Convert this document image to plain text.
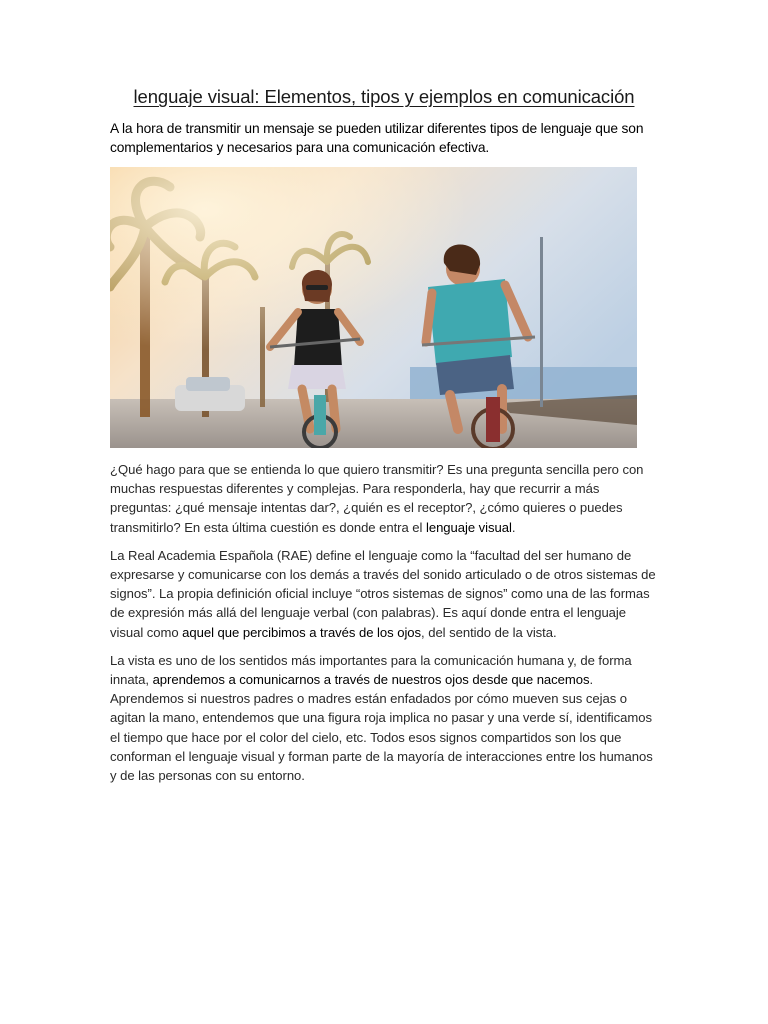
lenguaje visual: Elementos, tipos y ejemplos en comunicación

A la hora de transmitir un mensaje se pueden utilizar diferentes tipos de lenguaje que son complementarios y necesarios para una comunicación efectiva.

¿Qué hago para que se entienda lo que quiero transmitir? Es una pregunta sencilla pero con muchas respuestas diferentes y complejas. Para responderla, hay que recurrir a más preguntas: ¿qué mensaje intentas dar?, ¿quién es el receptor?, ¿cómo quieres o puedes transmitirlo? En esta última cuestión es donde entra el lenguaje visual.

La Real Academia Española (RAE) define el lenguaje como la “facultad del ser humano de expresarse y comunicarse con los demás a través del sonido articulado o de otros sistemas de signos”. La propia definición oficial incluye “otros sistemas de signos” como una de las formas de expresión más allá del lenguaje verbal (con palabras). Es aquí donde entra el lenguaje visual como aquel que percibimos a través de los ojos, del sentido de la vista.

La vista es uno de los sentidos más importantes para la comunicación humana y, de forma innata, aprendemos a comunicarnos a través de nuestros ojos desde que nacemos. Aprendemos si nuestros padres o madres están enfadados por cómo mueven sus cejas o agitan la mano, entendemos que una figura roja implica no pasar y una verde sí, identificamos el tiempo que hace por el color del cielo, etc. Todos esos signos compartidos son los que conforman el lenguaje visual y forman parte de la mayoría de interacciones entre los humanos y de las personas con su entorno.
